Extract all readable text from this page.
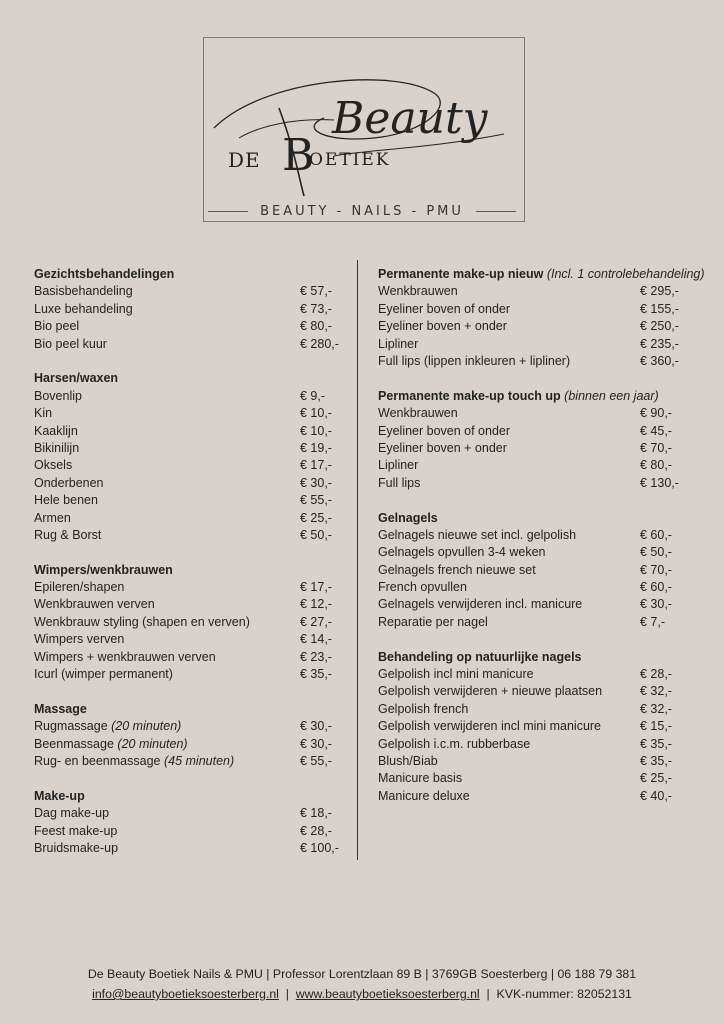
Beauty
DE B
OETIEK
BEAUTY - NAILS - PMU
Gezichtsbehandelingen
Basisbehandeling	€ 57,-
Luxe behandeling	€ 73,-
Bio peel	€ 80,-
Bio peel kuur	€ 280,-
Harsen/waxen
Bovenlip	€ 9,-
Kin	€ 10,-
Kaaklijn	€ 10,-
Bikinilijn	€ 19,-
Oksels	€ 17,-
Onderbenen	€ 30,-
Hele benen	€ 55,-
Armen	€ 25,-
Rug & Borst	€ 50,-
Wimpers/wenkbrauwen
Epileren/shapen	€ 17,-
Wenkbrauwen verven	€ 12,-
Wenkbrauw styling (shapen en verven)	€ 27,-
Wimpers verven	€ 14,-
Wimpers + wenkbrauwen verven	€ 23,-
Icurl (wimper permanent)	€ 35,-
Massage
Rugmassage (20 minuten)	€ 30,-
Beenmassage (20 minuten)	€ 30,-
Rug- en beenmassage (45 minuten)	€ 55,-
Make-up
Dag make-up	€ 18,-
Feest make-up	€ 28,-
Bruidsmake-up	€ 100,-
Permanente make-up nieuw (Incl. 1 controlebehandeling)
Wenkbrauwen	€ 295,-
Eyeliner boven of onder	€ 155,-
Eyeliner boven + onder	€ 250,-
Lipliner	€ 235,-
Full lips (lippen inkleuren + lipliner)	€ 360,-
Permanente make-up touch up (binnen een jaar)
Wenkbrauwen	€ 90,-
Eyeliner boven of onder	€ 45,-
Eyeliner boven + onder	€ 70,-
Lipliner	€ 80,-
Full lips	€ 130,-
Gelnagels
Gelnagels nieuwe set incl. gelpolish	€ 60,-
Gelnagels opvullen 3-4 weken	€ 50,-
Gelnagels french nieuwe set	€ 70,-
French opvullen	€ 60,-
Gelnagels verwijderen incl. manicure	€ 30,-
Reparatie per nagel	€ 7,-
Behandeling op natuurlijke nagels
Gelpolish incl mini manicure	€ 28,-
Gelpolish verwijderen + nieuwe plaatsen	€ 32,-
Gelpolish french	€ 32,-
Gelpolish verwijderen incl mini manicure	€ 15,-
Gelpolish i.c.m. rubberbase	€ 35,-
Blush/Biab	€ 35,-
Manicure basis	€ 25,-
Manicure deluxe	€ 40,-
De Beauty Boetiek Nails & PMU | Professor Lorentzlaan 89 B | 3769GB Soesterberg | 06 188 79 381
info@beautyboetieksoesterberg.nl  |  www.beautyboetieksoesterberg.nl  |  KVK-nummer: 82052131
